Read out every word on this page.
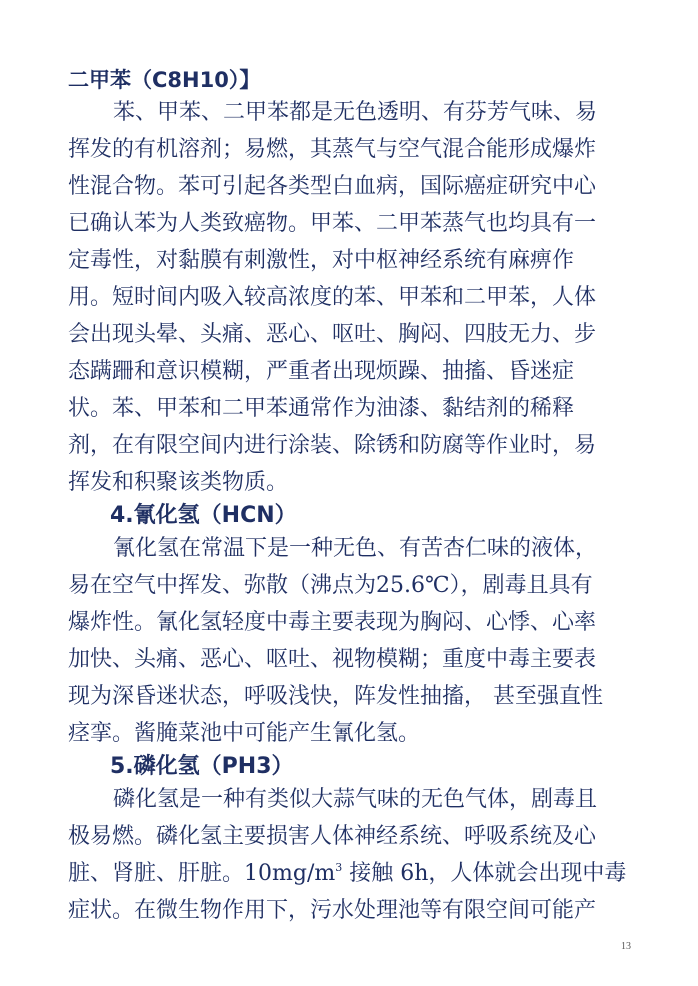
二甲苯（C8H10）】
苯、甲苯、二甲苯都是无色透明、有芬芳气味、易
挥发的有机溶剂；易燃，其蒸气与空气混合能形成爆炸
性混合物。苯可引起各类型白血病，国际癌症研究中心
已确认苯为人类致癌物。甲苯、二甲苯蒸气也均具有一
定毒性，对黏膜有刺激性，对中枢神经系统有麻痹作
用。短时间内吸入较高浓度的苯、甲苯和二甲苯，人体
会出现头晕、头痛、恶心、呕吐、胸闷、四肢无力、步
态蹒跚和意识模糊，严重者出现烦躁、抽搐、昏迷症
状。苯、甲苯和二甲苯通常作为油漆、黏结剂的稀释
剂，在有限空间内进行涂装、除锈和防腐等作业时，易
挥发和积聚该类物质。
4.氰化氢（HCN）
氰化氢在常温下是一种无色、有苦杏仁味的液体，
易在空气中挥发、弥散（沸点为25.6℃），剧毒且具有
爆炸性。氰化氢轻度中毒主要表现为胸闷、心悸、心率
加快、头痛、恶心、呕吐、视物模糊；重度中毒主要表
现为深昏迷状态，呼吸浅快，阵发性抽搐， 甚至强直性
痉挛。酱腌菜池中可能产生氰化氢。
5.磷化氢（PH3）
磷化氢是一种有类似大蒜气味的无色气体，剧毒且
极易燃。磷化氢主要损害人体神经系统、呼吸系统及心
脏、肾脏、肝脏。$10mg/m^3$ 接触 6h，人体就会出现中毒
症状。在微生物作用下，污水处理池等有限空间可能产
13
